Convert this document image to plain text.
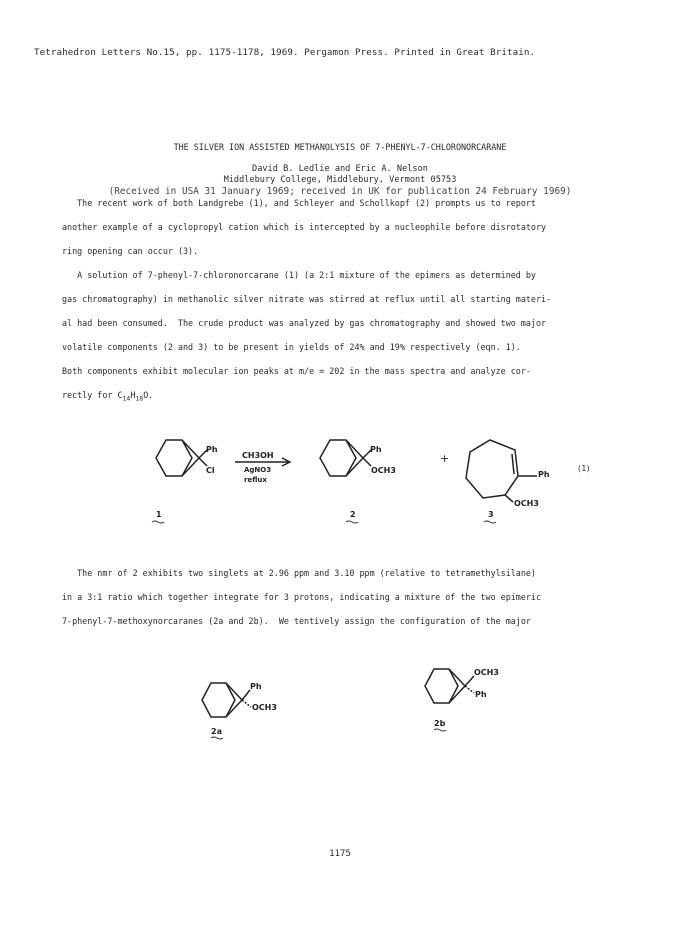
Tetrahedron Letters No.15, pp. 1175-1178, 1969. Pergamon Press. Printed in Great Britain.
THE SILVER ION ASSISTED METHANOLYSIS OF 7-PHENYL-7-CHLORONORCARANE
David B. Ledlie and Eric A. Nelson
Middlebury College, Middlebury, Vermont 05753
(Received in USA 31 January 1969; received in UK for publication 24 February 1969)
The recent work of both Landgrebe (1), and Schleyer and Schollkopf (2) prompts us to report
another example of a cyclopropyl cation which is intercepted by a nucleophile before disrotatory
ring opening can occur (3).
A solution of 7-phenyl-7-chloronorcarane (1) (a 2:1 mixture of the epimers as determined by
gas chromatography) in methanolic silver nitrate was stirred at reflux until all starting materi-
al had been consumed.  The crude product was analyzed by gas chromatography and showed two major
volatile components (2 and 3) to be present in yields of 24% and 19% respectively (eqn. 1).
Both components exhibit molecular ion peaks at m/e = 202 in the mass spectra and analyze cor-
rectly for $C_{14}H_{18}O$.
Ph
Cl
CH3OH
AgNO3
reflux
Ph
OCH3
+
Ph
OCH3
(1)
1	2	3
The nmr of 2 exhibits two singlets at 2.96 ppm and 3.10 ppm (relative to tetramethylsilane)
in a 3:1 ratio which together integrate for 3 protons, indicating a mixture of the two epimeric
7-phenyl-7-methoxynorcaranes (2a and 2b).  We tentively assign the configuration of the major
Ph
OCH3
2a
OCH3
Ph
2b
1175
